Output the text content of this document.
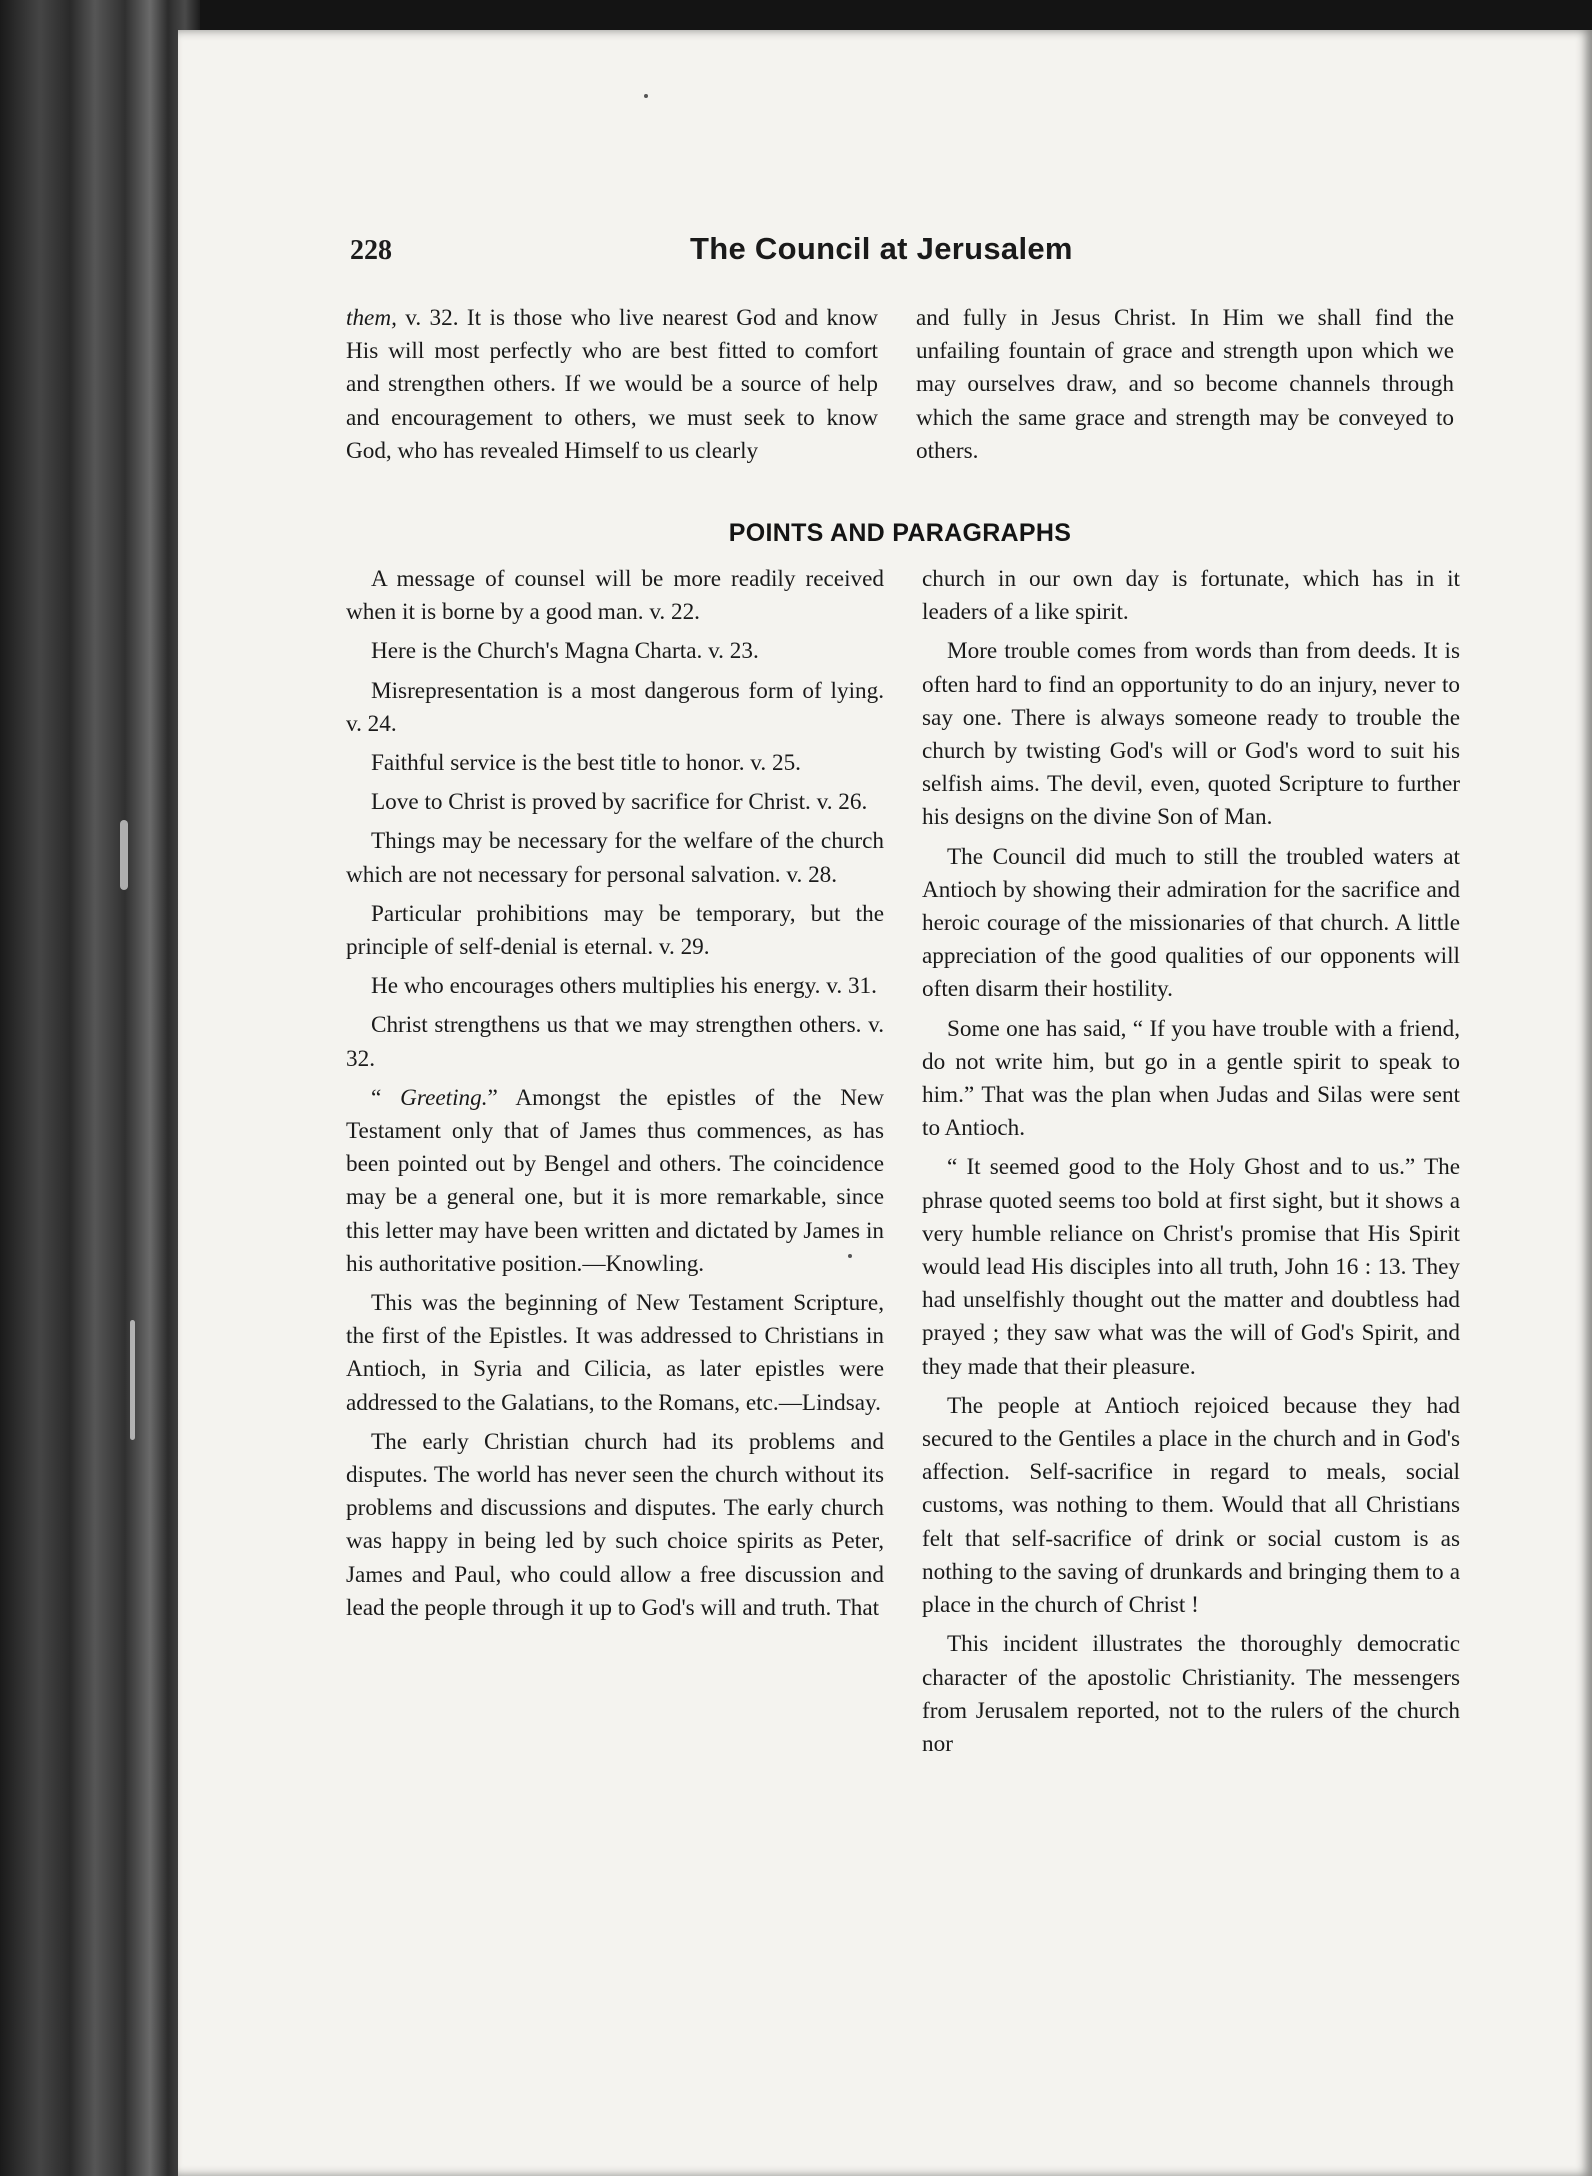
228	The Council at Jerusalem

them, v. 32. It is those who live nearest God and know His will most perfectly who are best fitted to comfort and strengthen others. If we would be a source of help and encouragement to others, we must seek to know God, who has revealed Himself to us clearly

and fully in Jesus Christ. In Him we shall find the unfailing fountain of grace and strength upon which we may ourselves draw, and so become channels through which the same grace and strength may be conveyed to others.

POINTS AND PARAGRAPHS

A message of counsel will be more readily received when it is borne by a good man. v. 22.

Here is the Church's Magna Charta. v. 23.

Misrepresentation is a most dangerous form of lying. v. 24.

Faithful service is the best title to honor. v. 25.

Love to Christ is proved by sacrifice for Christ. v. 26.

Things may be necessary for the welfare of the church which are not necessary for personal salvation. v. 28.

Particular prohibitions may be temporary, but the principle of self-denial is eternal. v. 29.

He who encourages others multiplies his energy. v. 31.

Christ strengthens us that we may strengthen others. v. 32.

“ Greeting.” Amongst the epistles of the New Testament only that of James thus commences, as has been pointed out by Bengel and others. The coincidence may be a general one, but it is more remarkable, since this letter may have been written and dictated by James in his authoritative position.—Knowling.

This was the beginning of New Testament Scripture, the first of the Epistles. It was addressed to Christians in Antioch, in Syria and Cilicia, as later epistles were addressed to the Galatians, to the Romans, etc.—Lindsay.

The early Christian church had its problems and disputes. The world has never seen the church without its problems and discussions and disputes. The early church was happy in being led by such choice spirits as Peter, James and Paul, who could allow a free discussion and lead the people through it up to God's will and truth. That

church in our own day is fortunate, which has in it leaders of a like spirit.

More trouble comes from words than from deeds. It is often hard to find an opportunity to do an injury, never to say one. There is always someone ready to trouble the church by twisting God's will or God's word to suit his selfish aims. The devil, even, quoted Scripture to further his designs on the divine Son of Man.

The Council did much to still the troubled waters at Antioch by showing their admiration for the sacrifice and heroic courage of the missionaries of that church. A little appreciation of the good qualities of our opponents will often disarm their hostility.

Some one has said, “ If you have trouble with a friend, do not write him, but go in a gentle spirit to speak to him.” That was the plan when Judas and Silas were sent to Antioch.

“ It seemed good to the Holy Ghost and to us.” The phrase quoted seems too bold at first sight, but it shows a very humble reliance on Christ's promise that His Spirit would lead His disciples into all truth, John 16 : 13. They had unselfishly thought out the matter and doubtless had prayed ; they saw what was the will of God's Spirit, and they made that their pleasure.

The people at Antioch rejoiced because they had secured to the Gentiles a place in the church and in God's affection. Self-sacrifice in regard to meals, social customs, was nothing to them. Would that all Christians felt that self-sacrifice of drink or social custom is as nothing to the saving of drunkards and bringing them to a place in the church of Christ !

This incident illustrates the thoroughly democratic character of the apostolic Christianity. The messengers from Jerusalem reported, not to the rulers of the church nor
